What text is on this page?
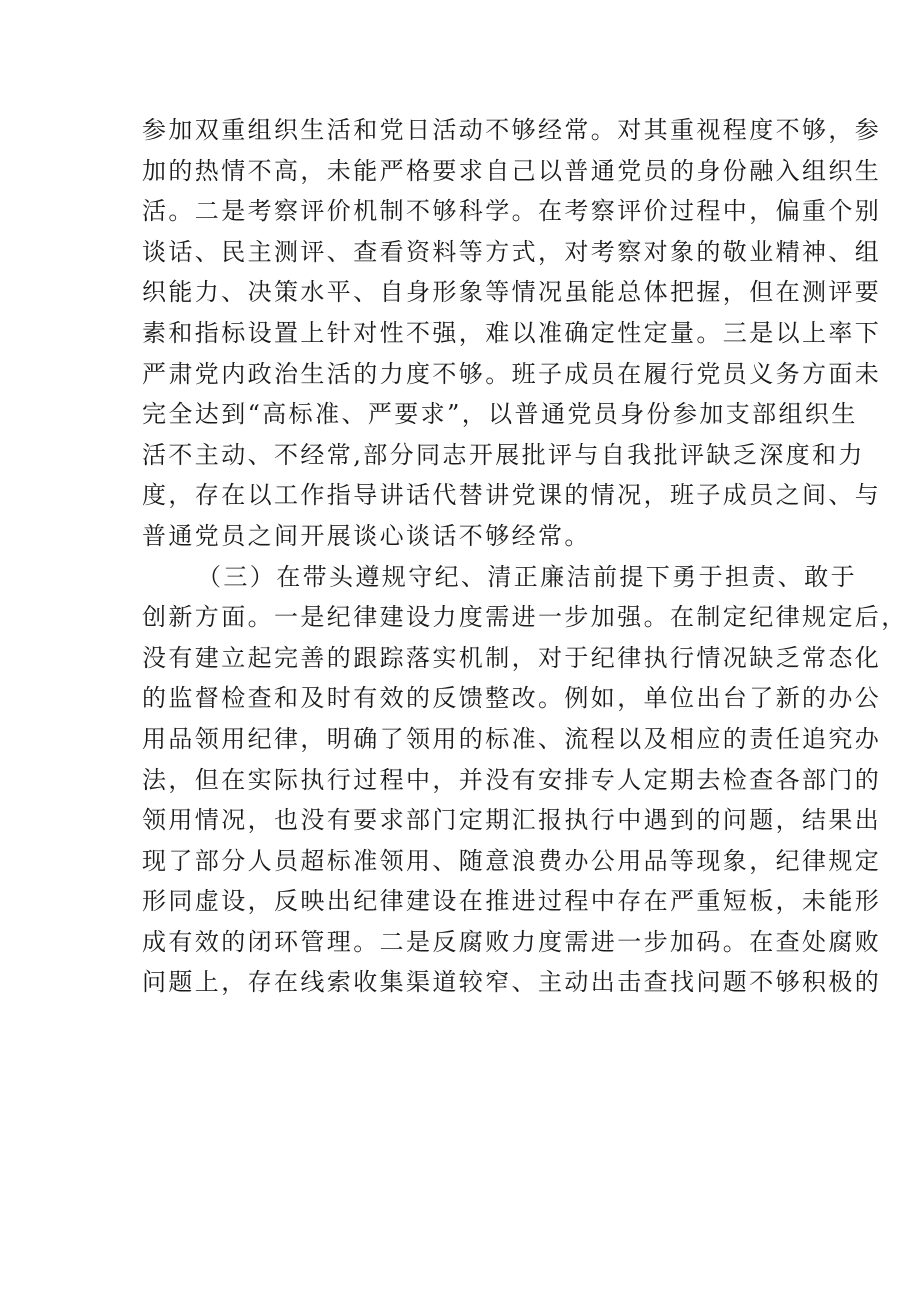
参加双重组织生活和党日活动不够经常。对其重视程度不够，参
加的热情不高，未能严格要求自己以普通党员的身份融入组织生
活。二是考察评价机制不够科学。在考察评价过程中，偏重个别
谈话、民主测评、查看资料等方式，对考察对象的敬业精神、组
织能力、决策水平、自身形象等情况虽能总体把握，但在测评要
素和指标设置上针对性不强，难以准确定性定量。三是以上率下
严肃党内政治生活的力度不够。班子成员在履行党员义务方面未
完全达到“高标准、严要求”，以普通党员身份参加支部组织生
活不主动、不经常,部分同志开展批评与自我批评缺乏深度和力
度，存在以工作指导讲话代替讲党课的情况，班子成员之间、与
普通党员之间开展谈心谈话不够经常。
（三）在带头遵规守纪、清正廉洁前提下勇于担责、敢于
创新方面。一是纪律建设力度需进一步加强。在制定纪律规定后，
没有建立起完善的跟踪落实机制，对于纪律执行情况缺乏常态化
的监督检查和及时有效的反馈整改。例如，单位出台了新的办公
用品领用纪律，明确了领用的标准、流程以及相应的责任追究办
法，但在实际执行过程中，并没有安排专人定期去检查各部门的
领用情况，也没有要求部门定期汇报执行中遇到的问题，结果出
现了部分人员超标准领用、随意浪费办公用品等现象，纪律规定
形同虚设，反映出纪律建设在推进过程中存在严重短板，未能形
成有效的闭环管理。二是反腐败力度需进一步加码。在查处腐败
问题上，存在线索收集渠道较窄、主动出击查找问题不够积极的
